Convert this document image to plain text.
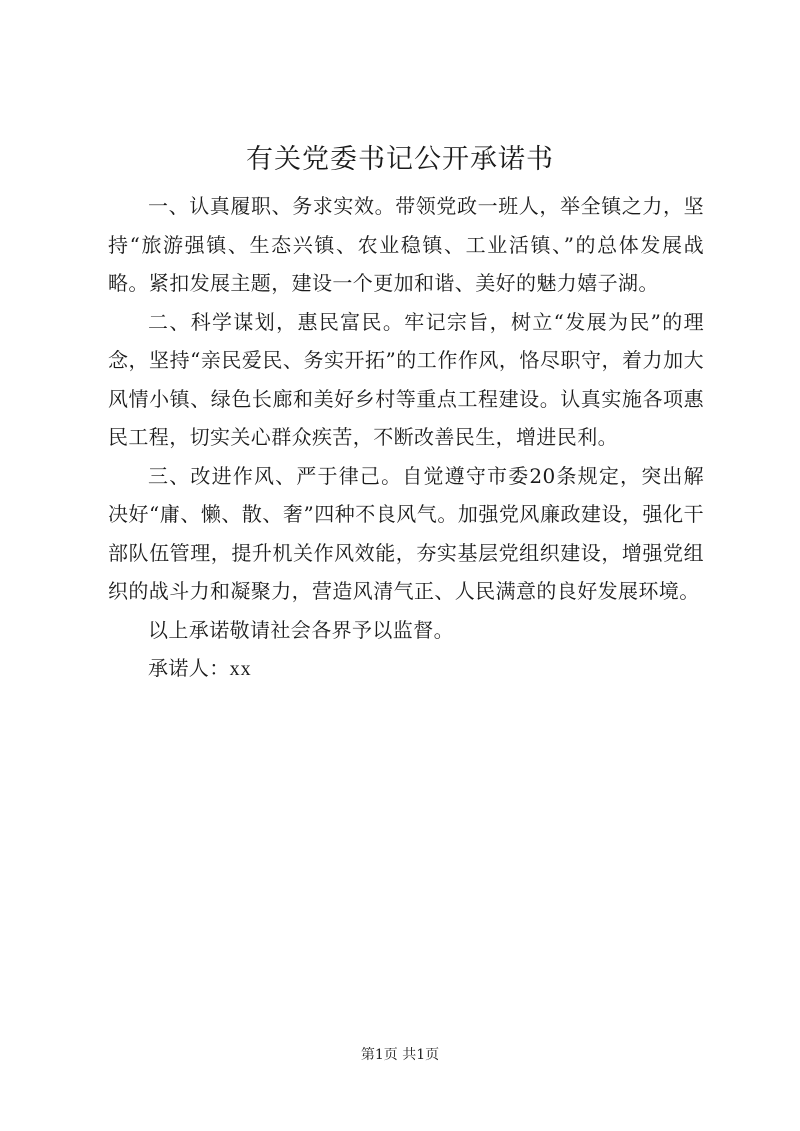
有关党委书记公开承诺书

一、认真履职、务求实效。带领党政一班人，举全镇之力，坚持“旅游强镇、生态兴镇、农业稳镇、工业活镇、”的总体发展战略。紧扣发展主题，建设一个更加和谐、美好的魅力嬉子湖。

二、科学谋划，惠民富民。牢记宗旨，树立“发展为民”的理念，坚持“亲民爱民、务实开拓”的工作作风，恪尽职守，着力加大风情小镇、绿色长廊和美好乡村等重点工程建设。认真实施各项惠民工程，切实关心群众疾苦，不断改善民生，增进民利。

三、改进作风、严于律己。自觉遵守市委20条规定，突出解决好“庸、懒、散、奢”四种不良风气。加强党风廉政建设，强化干部队伍管理，提升机关作风效能，夯实基层党组织建设，增强党组织的战斗力和凝聚力，营造风清气正、人民满意的良好发展环境。

以上承诺敬请社会各界予以监督。

承诺人：xx

第1页 共1页
